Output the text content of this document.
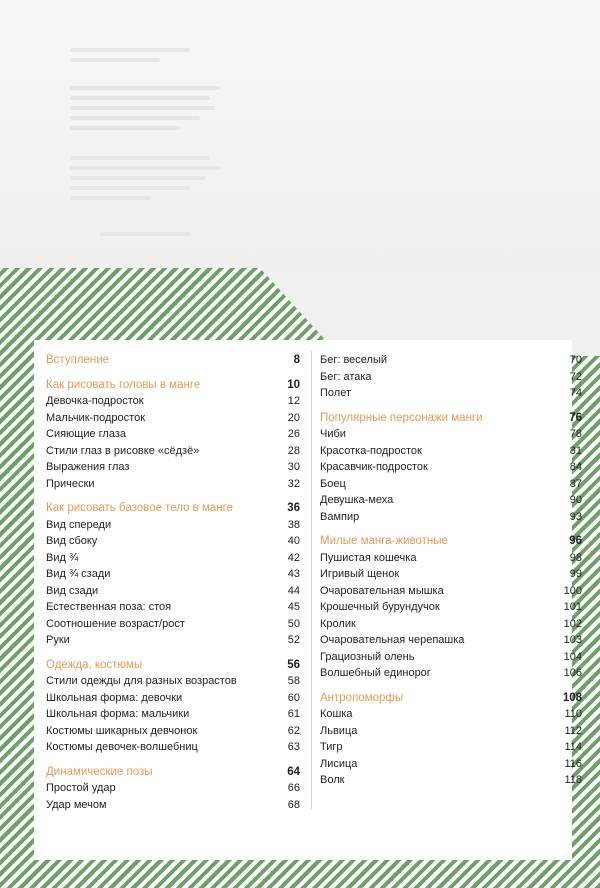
Вступление	8
Как рисовать головы в манге	10
Девочка-подросток	12
Мальчик-подросток	20
Сияющие глаза	26
Стили глаз в рисовке «сёдзё»	28
Выражения глаз	30
Прически	32
Как рисовать базовое тело в манге	36
Вид спереди	38
Вид сбоку	40
Вид ¾	42
Вид ¾ сзади	43
Вид сзади	44
Естественная поза: стоя	45
Соотношение возраст/рост	50
Руки	52
Одежда, костюмы	56
Стили одежды для разных возрастов	58
Школьная форма: девочки	60
Школьная форма: мальчики	61
Костюмы шикарных девчонок	62
Костюмы девочек-волшебниц	63
Динамические позы	64
Простой удар	66
Удар мечом	68
Бег: веселый	70
Бег: атака	72
Полет	74
Популярные персонажи манги	76
Чиби	78
Красотка-подросток	81
Красавчик-подросток	84
Боец	87
Девушка-меха	90
Вампир	93
Милые манга-животные	96
Пушистая кошечка	98
Игривый щенок	99
Очаровательная мышка	100
Крошечный бурундучок	101
Кролик	102
Очаровательная черепашка	103
Грациозный олень	104
Волшебный единорог	106
Антропоморфы	108
Кошка	110
Львица	112
Тигр	114
Лисица	116
Волк	118
